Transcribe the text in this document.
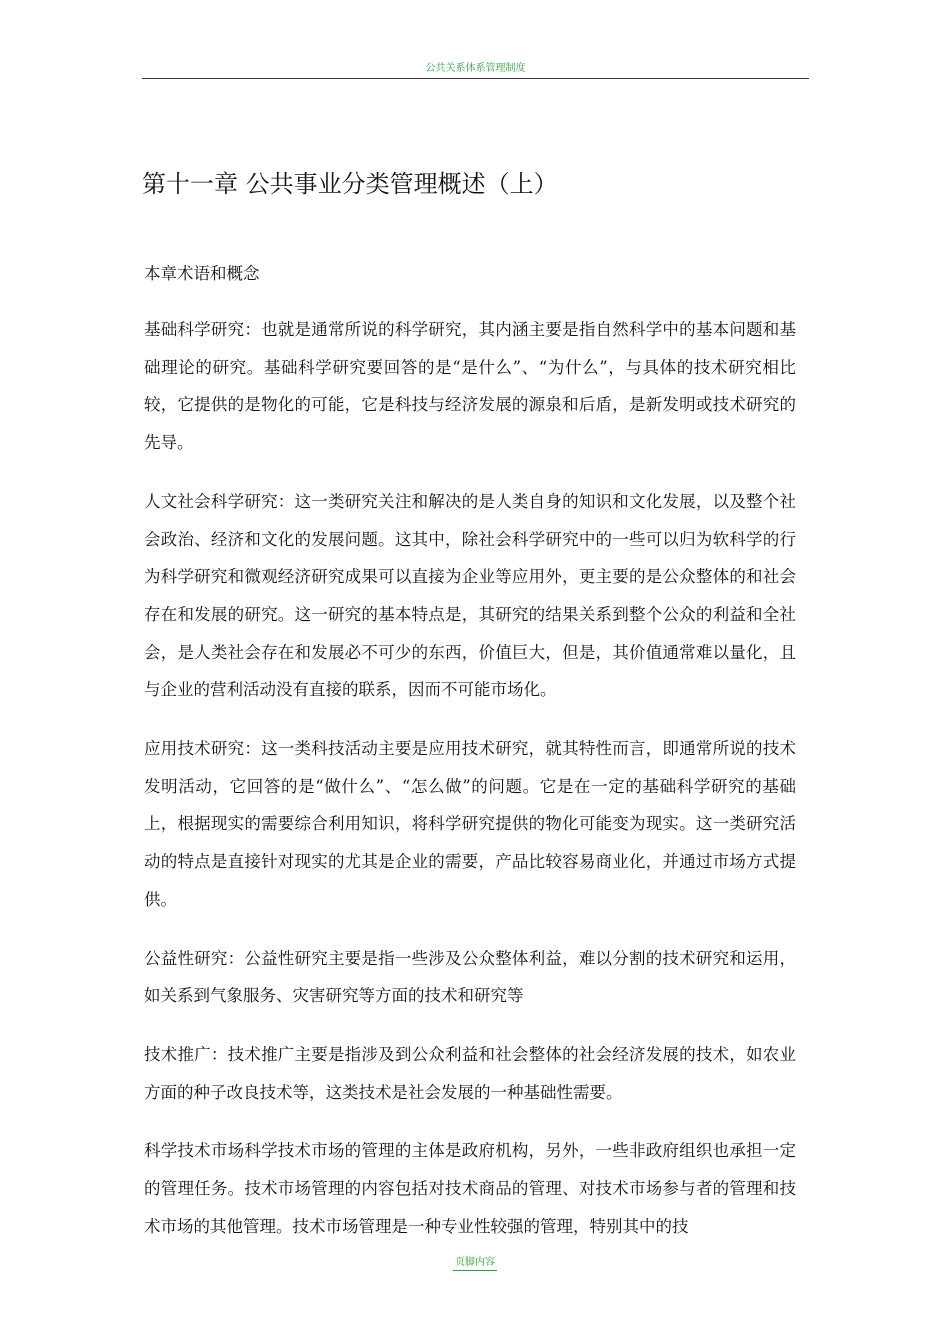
公共关系体系管理制度
第十一章 公共事业分类管理概述（上）

本章术语和概念

基础科学研究：也就是通常所说的科学研究，其内涵主要是指自然科学中的基本问题和基础理论的研究。基础科学研究要回答的是“是什么”、“为什么”，与具体的技术研究相比较，它提供的是物化的可能，它是科技与经济发展的源泉和后盾，是新发明或技术研究的先导。

人文社会科学研究：这一类研究关注和解决的是人类自身的知识和文化发展，以及整个社会政治、经济和文化的发展问题。这其中，除社会科学研究中的一些可以归为软科学的行为科学研究和微观经济研究成果可以直接为企业等应用外，更主要的是公众整体的和社会存在和发展的研究。这一研究的基本特点是，其研究的结果关系到整个公众的利益和全社会，是人类社会存在和发展必不可少的东西，价值巨大，但是，其价值通常难以量化，且与企业的营利活动没有直接的联系，因而不可能市场化。

应用技术研究：这一类科技活动主要是应用技术研究，就其特性而言，即通常所说的技术发明活动，它回答的是“做什么”、“怎么做”的问题。它是在一定的基础科学研究的基础上，根据现实的需要综合利用知识，将科学研究提供的物化可能变为现实。这一类研究活动的特点是直接针对现实的尤其是企业的需要，产品比较容易商业化，并通过市场方式提供。

公益性研究：公益性研究主要是指一些涉及公众整体利益，难以分割的技术研究和运用，如关系到气象服务、灾害研究等方面的技术和研究等

技术推广：技术推广主要是指涉及到公众利益和社会整体的社会经济发展的技术，如农业方面的种子改良技术等，这类技术是社会发展的一种基础性需要。

科学技术市场科学技术市场的管理的主体是政府机构，另外，一些非政府组织也承担一定的管理任务。技术市场管理的内容包括对技术商品的管理、对技术市场参与者的管理和技术市场的其他管理。技术市场管理是一种专业性较强的管理，特别其中的技

页脚内容
